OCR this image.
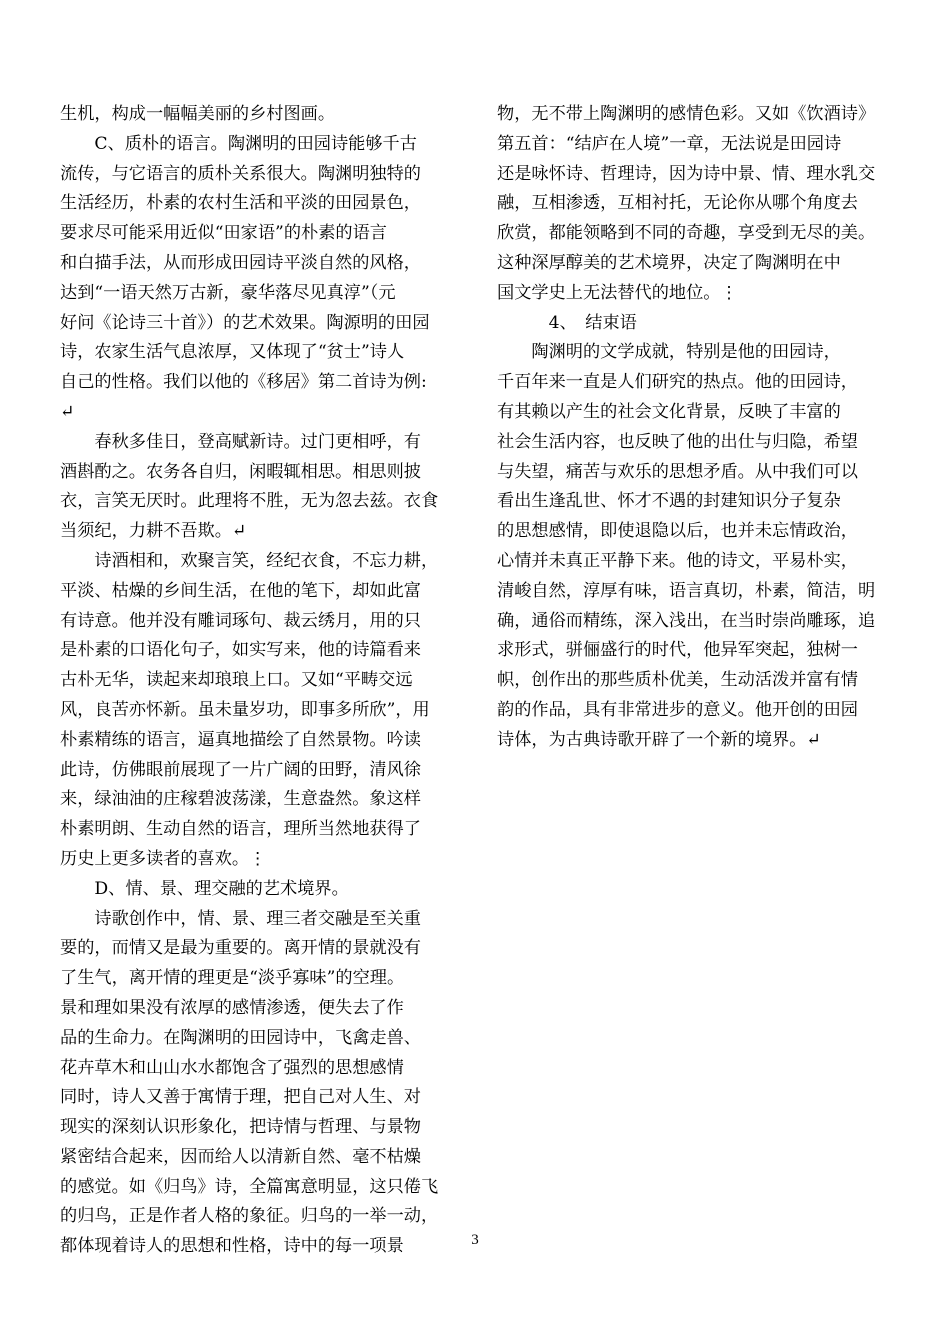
生机，构成一幅幅美丽的乡村图画。
　　C、质朴的语言。陶渊明的田园诗能够千古
流传，与它语言的质朴关系很大。陶渊明独特的
生活经历，朴素的农村生活和平淡的田园景色，
要求尽可能采用近似“田家语”的朴素的语言
和白描手法，从而形成田园诗平淡自然的风格，
达到“一语天然万古新，豪华落尽见真淳”（元
好问《论诗三十首》）的艺术效果。陶源明的田园
诗，农家生活气息浓厚，又体现了“贫士”诗人
自己的性格。我们以他的《移居》第二首诗为例:
↵
　　春秋多佳日，登高赋新诗。过门更相呼，有
酒斟酌之。农务各自归，闲暇辄相思。相思则披
衣，言笑无厌时。此理将不胜，无为忽去兹。衣食
当须纪，力耕不吾欺。↵
　　诗酒相和，欢聚言笑，经纪衣食，不忘力耕，
平淡、枯燥的乡间生活，在他的笔下，却如此富
有诗意。他并没有雕词琢句、裁云绣月，用的只
是朴素的口语化句子，如实写来，他的诗篇看来
古朴无华，读起来却琅琅上口。又如“平畴交远
风，良苦亦怀新。虽未量岁功，即事多所欣”，用
朴素精练的语言，逼真地描绘了自然景物。吟读
此诗，仿佛眼前展现了一片广阔的田野，清风徐
来，绿油油的庄稼碧波荡漾，生意盎然。象这样
朴素明朗、生动自然的语言，理所当然地获得了
历史上更多读者的喜欢。⋮
　　D、情、景、理交融的艺术境界。
　　诗歌创作中，情、景、理三者交融是至关重
要的，而情又是最为重要的。离开情的景就没有
了生气，离开情的理更是“淡乎寡味”的空理。
景和理如果没有浓厚的感情渗透，便失去了作
品的生命力。在陶渊明的田园诗中，飞禽走兽、
花卉草木和山山水水都饱含了强烈的思想感情
同时，诗人又善于寓情于理，把自己对人生、对
现实的深刻认识形象化，把诗情与哲理、与景物
紧密结合起来，因而给人以清新自然、毫不枯燥
的感觉。如《归鸟》诗，全篇寓意明显，这只倦飞
的归鸟，正是作者人格的象征。归鸟的一举一动，
都体现着诗人的思想和性格，诗中的每一项景
物，无不带上陶渊明的感情色彩。又如《饮酒诗》
第五首：“结庐在人境”一章，无法说是田园诗
还是咏怀诗、哲理诗，因为诗中景、情、理水乳交
融，互相渗透，互相衬托，无论你从哪个角度去
欣赏，都能领略到不同的奇趣，享受到无尽的美。
这种深厚醇美的艺术境界，决定了陶渊明在中
国文学史上无法替代的地位。⋮
　　　4、　结束语
　　陶渊明的文学成就，特别是他的田园诗，
千百年来一直是人们研究的热点。他的田园诗，
有其赖以产生的社会文化背景，反映了丰富的
社会生活内容，也反映了他的出仕与归隐，希望
与失望，痛苦与欢乐的思想矛盾。从中我们可以
看出生逢乱世、怀才不遇的封建知识分子复杂
的思想感情，即使退隐以后，也并未忘情政治，
心情并未真正平静下来。他的诗文，平易朴实，
清峻自然，淳厚有味，语言真切，朴素，简洁，明
确，通俗而精练，深入浅出，在当时崇尚雕琢，追
求形式，骈俪盛行的时代，他异军突起，独树一
帜，创作出的那些质朴优美，生动活泼并富有情
韵的作品，具有非常进步的意义。他开创的田园
诗体，为古典诗歌开辟了一个新的境界。↵
3
